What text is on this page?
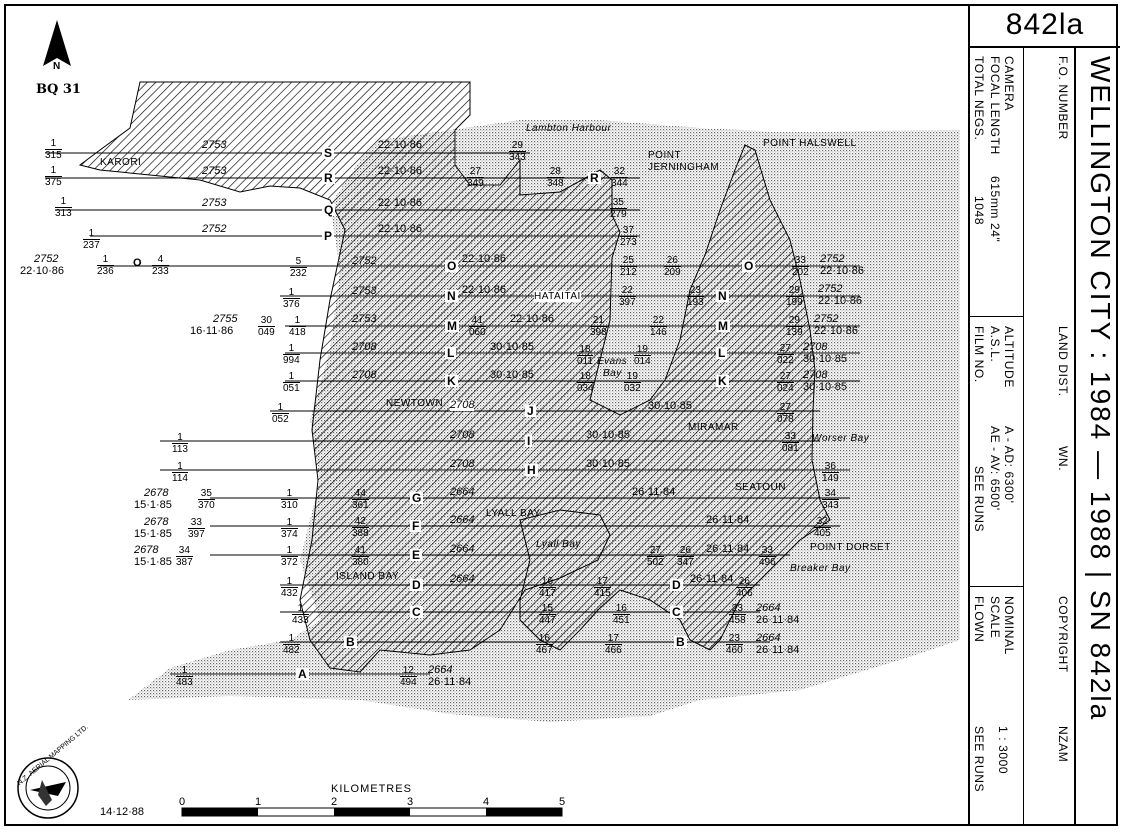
842la
WELLINGTON CITY : 1984 — 1988 | SN 842la
F.O. NUMBER
CAMERA
FOCAL LENGTH
615mm 24"
TOTAL NEGS.
1048
LAND DIST.
WN.
ALTITUDE
A.S.L.
A - AD: 6300'
AE - AV: 6500'
FILM NO.
SEE RUNS
COPYRIGHT
NZAM
NOMINAL
SCALE
1 : 3000
FLOWN
SEE RUNS
BQ 31
N
14·12·88
KILOMETRES
0	1	2	3	4	5
N.Z. AERIAL MAPPING LTD.
Lambton Harbour
POINT
JERNINGHAM
POINT HALSWELL
KARORI
HATAITAI
NEWTOWN
Evans
Bay
MIRAMAR
Worser Bay
SEATOUN
LYALL BAY
Lyall Bay
ISLAND BAY
POINT DORSET
Breaker Bay
S
R
Q
P
O
N
M
L
K
J
I
H
G
F
E
D
C
B
A
R
O
N
M
L
K
D
C
B
2753
2753
2753
2752
2752
2753
2753
2708
2708
2708
2708
2708
2664
2664
2664
2664
22·10·86
22·10·86
22·10·86
22·10·86
22·10·86
22·10·86
22·10·86
30·10·85
30·10·85
30·10·85
30·10·85
30·10·85
26·11·84
26·11·84
26·11·84
26·11·84
$\frac{1}{315}$
$\frac{1}{375}$
$\frac{1}{313}$
$\frac{1}{237}$
$\frac{1}{236}$	$\frac{4}{233}$	$\frac{5}{232}$
$\frac{1}{376}$
$\frac{30}{049} \frac{1}{418}$
$\frac{1}{994}$
$\frac{1}{051}$
$\frac{1}{052}$
$\frac{1}{113}$
$\frac{1}{114}$
$\frac{35}{370}$	$\frac{1}{310}$
$\frac{33}{397}$	$\frac{1}{374}$
$\frac{34}{387}$	$\frac{1}{372}$
$\frac{1}{432}$
$\frac{1}{433}$
$\frac{1}{482}$
$\frac{1}{483}$
$\frac{29}{343}$
$\frac{27}{349}$	$\frac{28}{348}$	$\frac{32}{344}$
$\frac{35}{279}$
$\frac{37}{273}$
$\frac{25}{212}$	$\frac{26}{209}$
$\frac{22}{397}$	$\frac{23}{193}$
$\frac{41}{060}$	$\frac{21}{398}$	$\frac{22}{146}$
$\frac{18}{011}$	$\frac{19}{014}$
$\frac{18}{034}$	$\frac{19}{032}$
$\frac{33}{202}$
$\frac{29}{199}$
$\frac{29}{139}$
$\frac{27}{022}$
$\frac{27}{024}$
$\frac{27}{078}$
$\frac{33}{081}$
$\frac{36}{149}$
$\frac{34}{343}$
$\frac{32}{405}$
$\frac{44}{361}$
$\frac{42}{388}$
$\frac{41}{380}$
$\frac{16}{417}$	$\frac{17}{415}$
$\frac{15}{447}$	$\frac{16}{451}$
$\frac{16}{467}$	$\frac{17}{466}$
$\frac{12}{494}$
$\frac{27}{502} \frac{26}{347}$
$\frac{26}{406}$
$\frac{23}{458}$
$\frac{23}{460}$
$\frac{33}{496}$
2752
22·10·86
O
2755
16·11·86
2678
15·1·85
2678
15·1·85
2678
15·1·85
2752
22·10·86
2752
22·10·86
2752
22·10·86
2708
30·10·85
2708
30·10·85
2664
26·11·84
2664
26·11·84
2664
26·11·84
